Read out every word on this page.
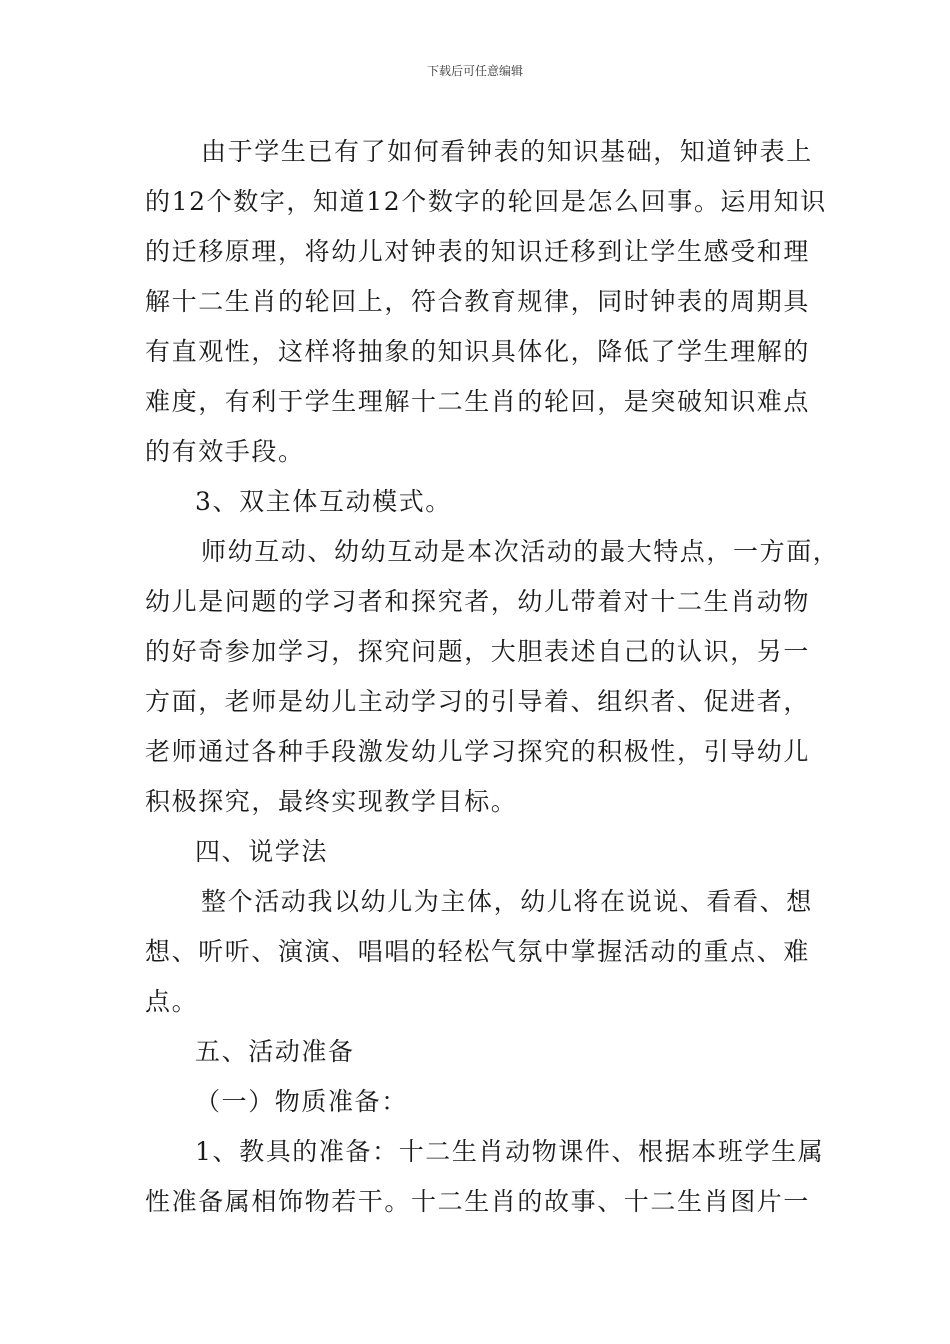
下载后可任意编辑
由于学生已有了如何看钟表的知识基础，知道钟表上
的12个数字，知道12个数字的轮回是怎么回事。运用知识
的迁移原理，将幼儿对钟表的知识迁移到让学生感受和理
解十二生肖的轮回上，符合教育规律，同时钟表的周期具
有直观性，这样将抽象的知识具体化，降低了学生理解的
难度，有利于学生理解十二生肖的轮回，是突破知识难点
的有效手段。
3、双主体互动模式。
师幼互动、幼幼互动是本次活动的最大特点，一方面，
幼儿是问题的学习者和探究者，幼儿带着对十二生肖动物
的好奇参加学习，探究问题，大胆表述自己的认识，另一
方面，老师是幼儿主动学习的引导着、组织者、促进者，
老师通过各种手段激发幼儿学习探究的积极性，引导幼儿
积极探究，最终实现教学目标。
四、说学法
整个活动我以幼儿为主体，幼儿将在说说、看看、想
想、听听、演演、唱唱的轻松气氛中掌握活动的重点、难
点。
五、活动准备
（一）物质准备：
1、教具的准备：十二生肖动物课件、根据本班学生属
性准备属相饰物若干。十二生肖的故事、十二生肖图片一
